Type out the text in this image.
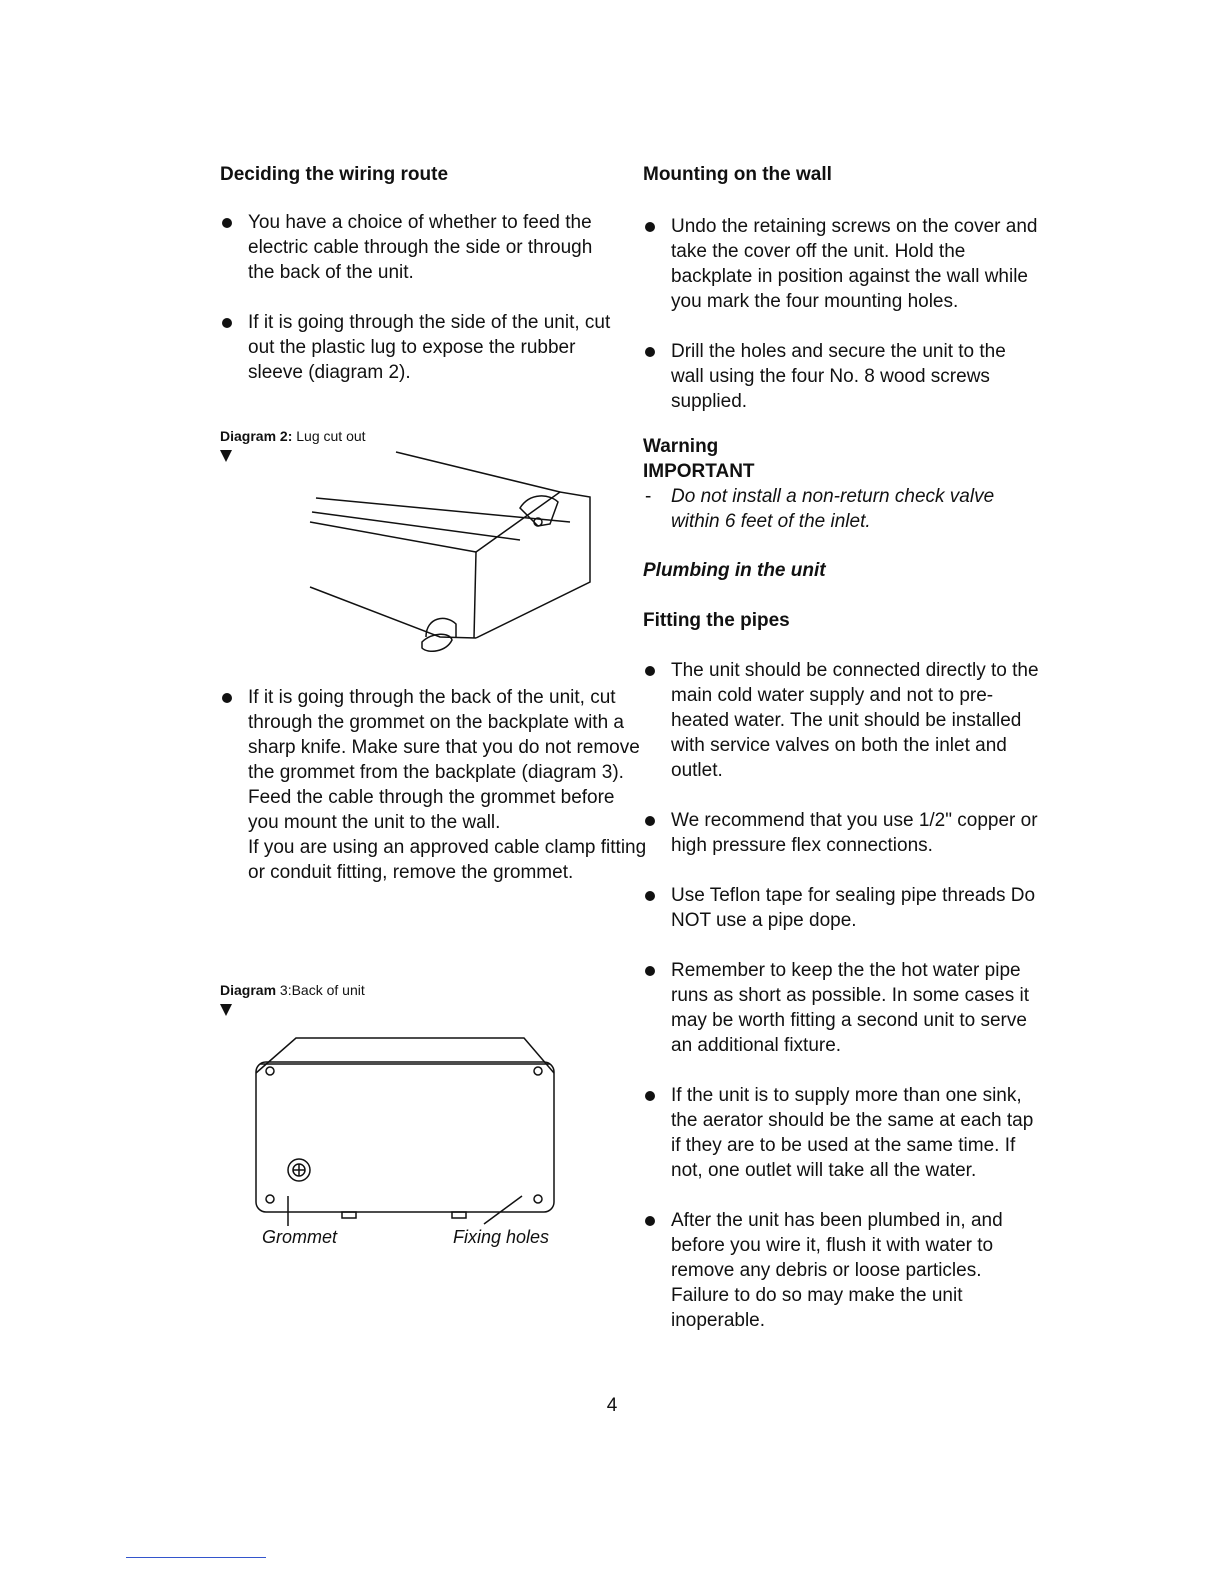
Deciding the wiring route

You have a choice of whether to feed the electric cable through the side or through the back of the unit.

If it is going through the side of the unit, cut out the plastic lug to expose the rubber sleeve (diagram 2).

Diagram 2: Lug cut out

If it is going through the back of the unit, cut through the grommet on the backplate with a sharp knife. Make sure that you do not remove the grommet from the backplate (diagram 3).

Feed the cable through the grommet before you mount the unit to the wall.

If you are using an approved cable clamp fitting or conduit fitting, remove the grommet.

Diagram 3:Back of unit
Grommet	Fixing holes
Mounting on the wall

Undo the retaining screws on the cover and take the cover off the unit. Hold the backplate in position against the wall while you mark the four mounting holes.

Drill the holes and secure the unit to the wall using the four No. 8 wood screws supplied.

Warning
IMPORTANT
- Do not install a non-return check valve within 6 feet of the inlet.
Plumbing in the unit
Fitting the pipes

The unit should be connected directly to the main cold water supply and not to pre-heated water. The unit should be installed with service valves on both the inlet and outlet.

We recommend that you use 1/2" copper or high pressure flex connections.

Use Teflon tape for sealing pipe threads Do NOT use a pipe dope.

Remember to keep the the hot water pipe runs as short as possible. In some cases it may be worth fitting a second unit to serve an additional fixture.

If the unit is to supply more than one sink, the aerator should be the same at each tap if they are to be used at the same time. If not, one outlet will take all the water.

After the unit has been plumbed in, and before you wire it, flush it with water to remove any debris or loose particles. Failure to do so may make the unit inoperable.

4
